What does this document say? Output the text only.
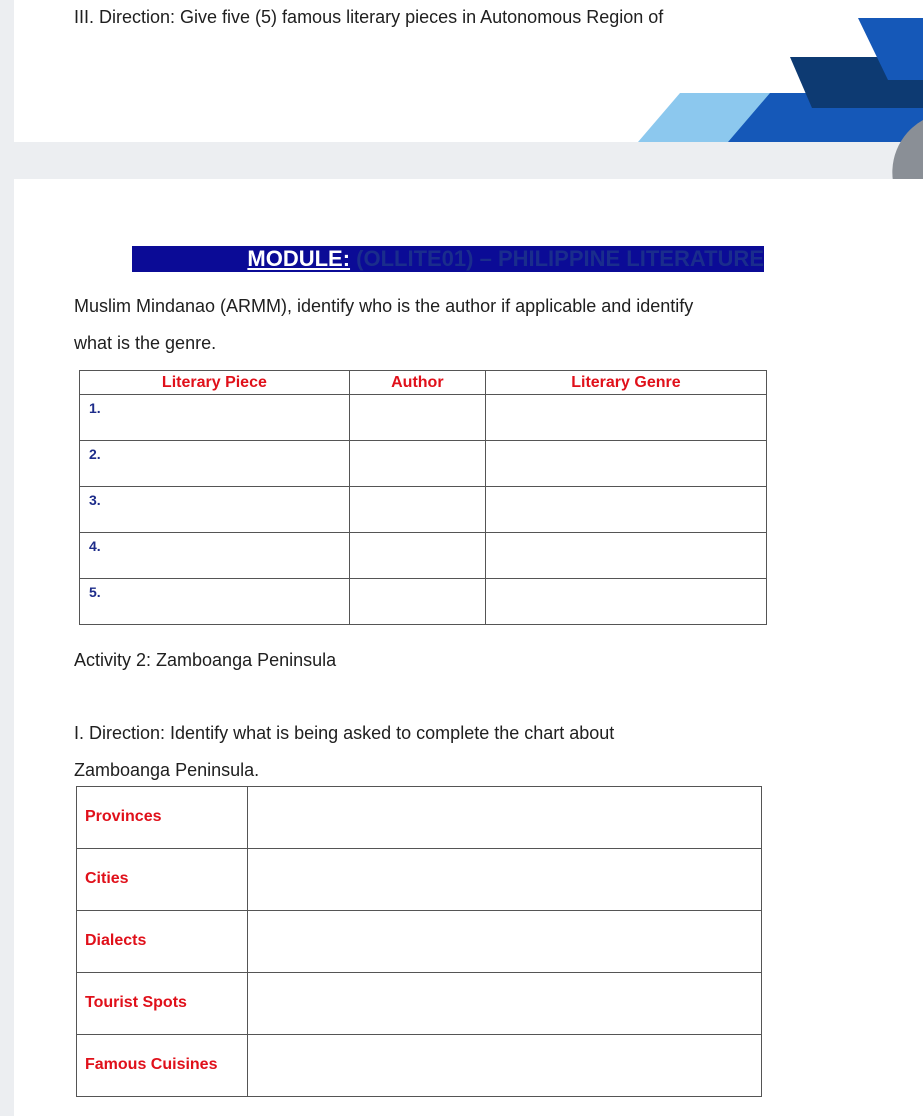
III. Direction: Give five (5) famous literary pieces in Autonomous Region of
MODULE: (OLLITE01) – PHILIPPINE LITERATURE
Muslim Mindanao (ARMM), identify who is the author if applicable and identify
what is the genre.
Literary Piece	Author	Literary Genre
1.		
2.		
3.		
4.		
5.		
Activity 2: Zamboanga Peninsula
I. Direction: Identify what is being asked to complete the chart about
Zamboanga Peninsula.
Provinces	

Cities	

Dialects	

Tourist Spots	

Famous Cuisines	
